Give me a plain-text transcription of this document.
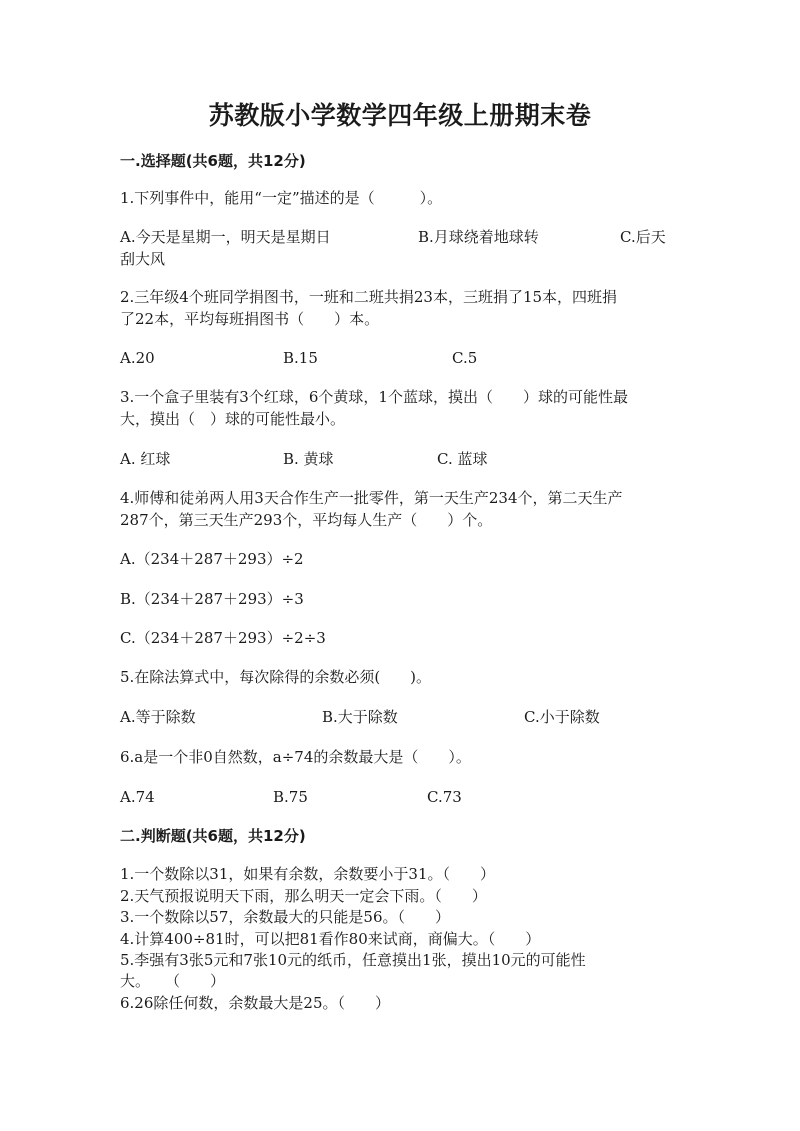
苏教版小学数学四年级上册期末卷
一.选择题(共6题，共12分)
1.下列事件中，能用“一定”描述的是（　　　）。
A.今天是星期一，明天是星期日	B.月球绕着地球转	C.后天
刮大风
2.三年级4个班同学捐图书，一班和二班共捐23本，三班捐了15本，四班捐
了22本，平均每班捐图书（　　）本。
A.20	B.15	C.5
3.一个盒子里装有3个红球，6个黄球，1个蓝球，摸出（　　）球的可能性最
大，摸出（　）球的可能性最小。
A. 红球	B. 黄球	C. 蓝球
4.师傅和徒弟两人用3天合作生产一批零件，第一天生产234个，第二天生产
287个，第三天生产293个，平均每人生产（　　）个。
A.（234＋287＋293）÷2
B.（234＋287＋293）÷3
C.（234＋287＋293）÷2÷3
5.在除法算式中，每次除得的余数必须(　　)。
A.等于除数	B.大于除数	C.小于除数
6.a是一个非0自然数，a÷74的余数最大是（　　）。
A.74	B.75	C.73
二.判断题(共6题，共12分)
1.一个数除以31，如果有余数，余数要小于31。（　　）
2.天气预报说明天下雨，那么明天一定会下雨。（　　）
3.一个数除以57，余数最大的只能是56。（　　）
4.计算400÷81时，可以把81看作80来试商，商偏大。（　　）
5.李强有3张5元和7张10元的纸币，任意摸出1张，摸出10元的可能性
大。　　（　　）
6.26除任何数，余数最大是25。（　　）
